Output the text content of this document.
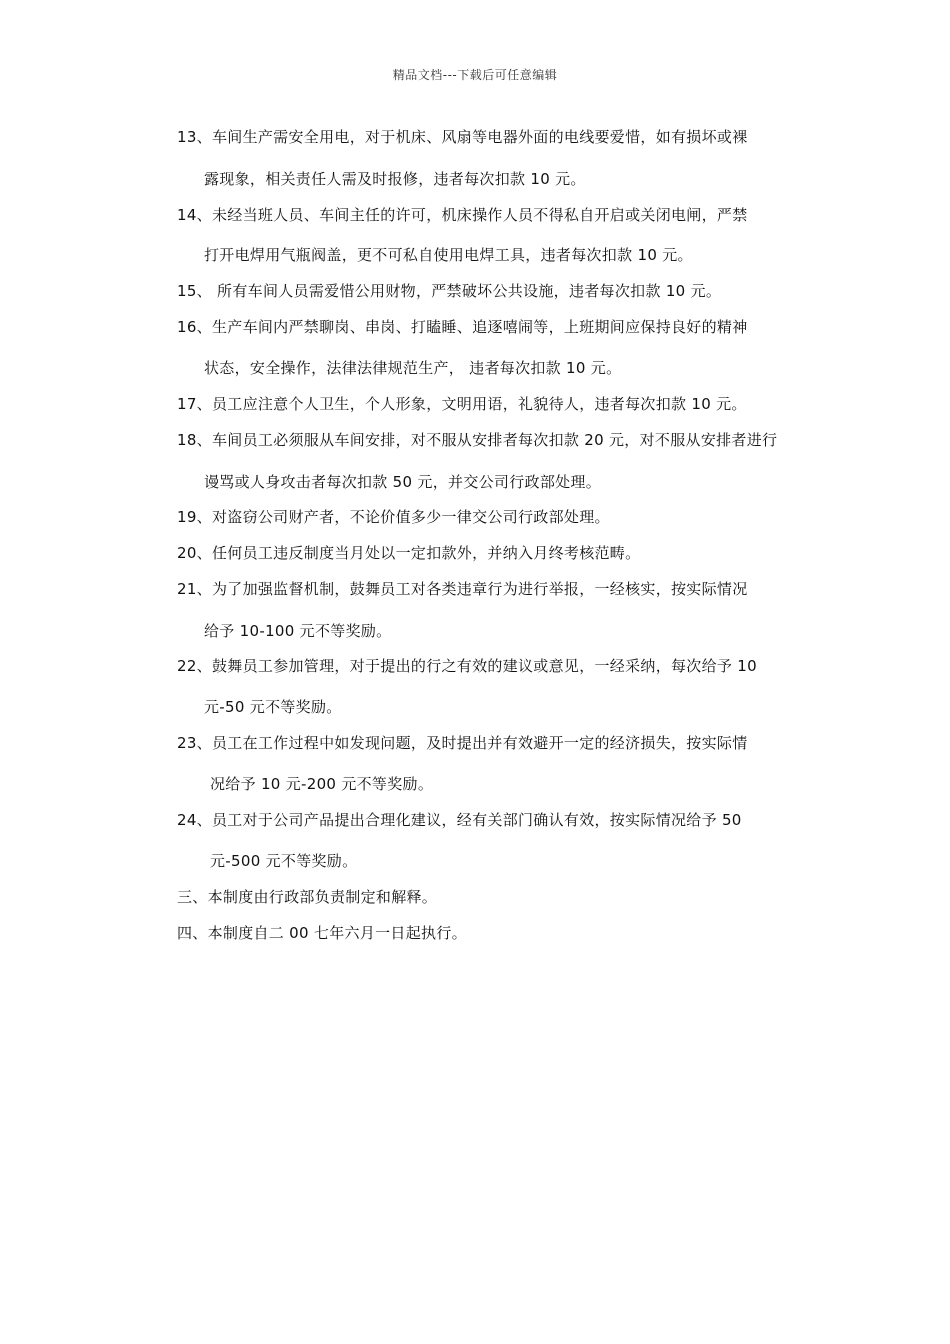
精品文档---下载后可任意编辑
13、车间生产需安全用电，对于机床、风扇等电器外面的电线要爱惜，如有损坏或裸
露现象，相关责任人需及时报修，违者每次扣款 10 元。
14、未经当班人员、车间主任的许可，机床操作人员不得私自开启或关闭电闸，严禁
打开电焊用气瓶阀盖，更不可私自使用电焊工具，违者每次扣款 10 元。
15、 所有车间人员需爱惜公用财物，严禁破坏公共设施，违者每次扣款 10 元。
16、生产车间内严禁聊岗、串岗、打瞌睡、追逐嘻闹等，上班期间应保持良好的精神
状态，安全操作，法律法律规范生产， 违者每次扣款 10 元。
17、员工应注意个人卫生，个人形象，文明用语，礼貌待人，违者每次扣款 10 元。
18、车间员工必须服从车间安排，对不服从安排者每次扣款 20 元，对不服从安排者进行
谩骂或人身攻击者每次扣款 50 元，并交公司行政部处理。
19、对盗窃公司财产者，不论价值多少一律交公司行政部处理。
20、任何员工违反制度当月处以一定扣款外，并纳入月终考核范畴。
21、为了加强监督机制，鼓舞员工对各类违章行为进行举报，一经核实，按实际情况
给予 10-100 元不等奖励。
22、鼓舞员工参加管理，对于提出的行之有效的建议或意见，一经采纳，每次给予 10
元-50 元不等奖励。
23、员工在工作过程中如发现问题，及时提出并有效避开一定的经济损失，按实际情
况给予 10 元-200 元不等奖励。
24、员工对于公司产品提出合理化建议，经有关部门确认有效，按实际情况给予 50
元-500 元不等奖励。
三、本制度由行政部负责制定和解释。
四、本制度自二 00 七年六月一日起执行。
